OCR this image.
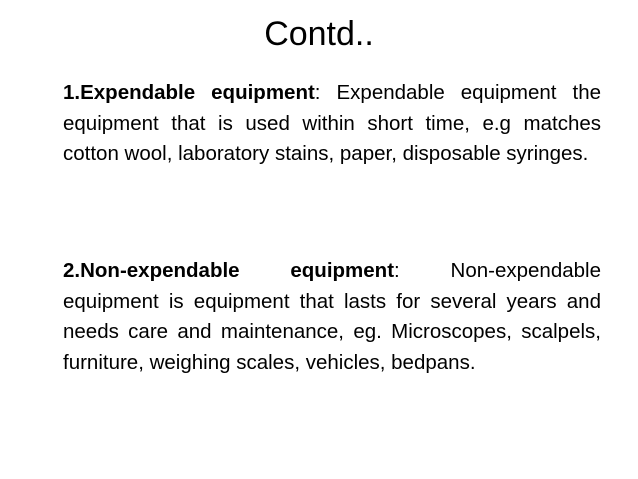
Contd..

1.Expendable equipment: Expendable equipment the equipment that is used within short time, e.g matches cotton wool, laboratory stains, paper, disposable syringes.

2.Non-expendable equipment: Non-expendable equipment is equipment that lasts for several years and needs care and maintenance, eg. Microscopes, scalpels, furniture, weighing scales, vehicles, bedpans.
